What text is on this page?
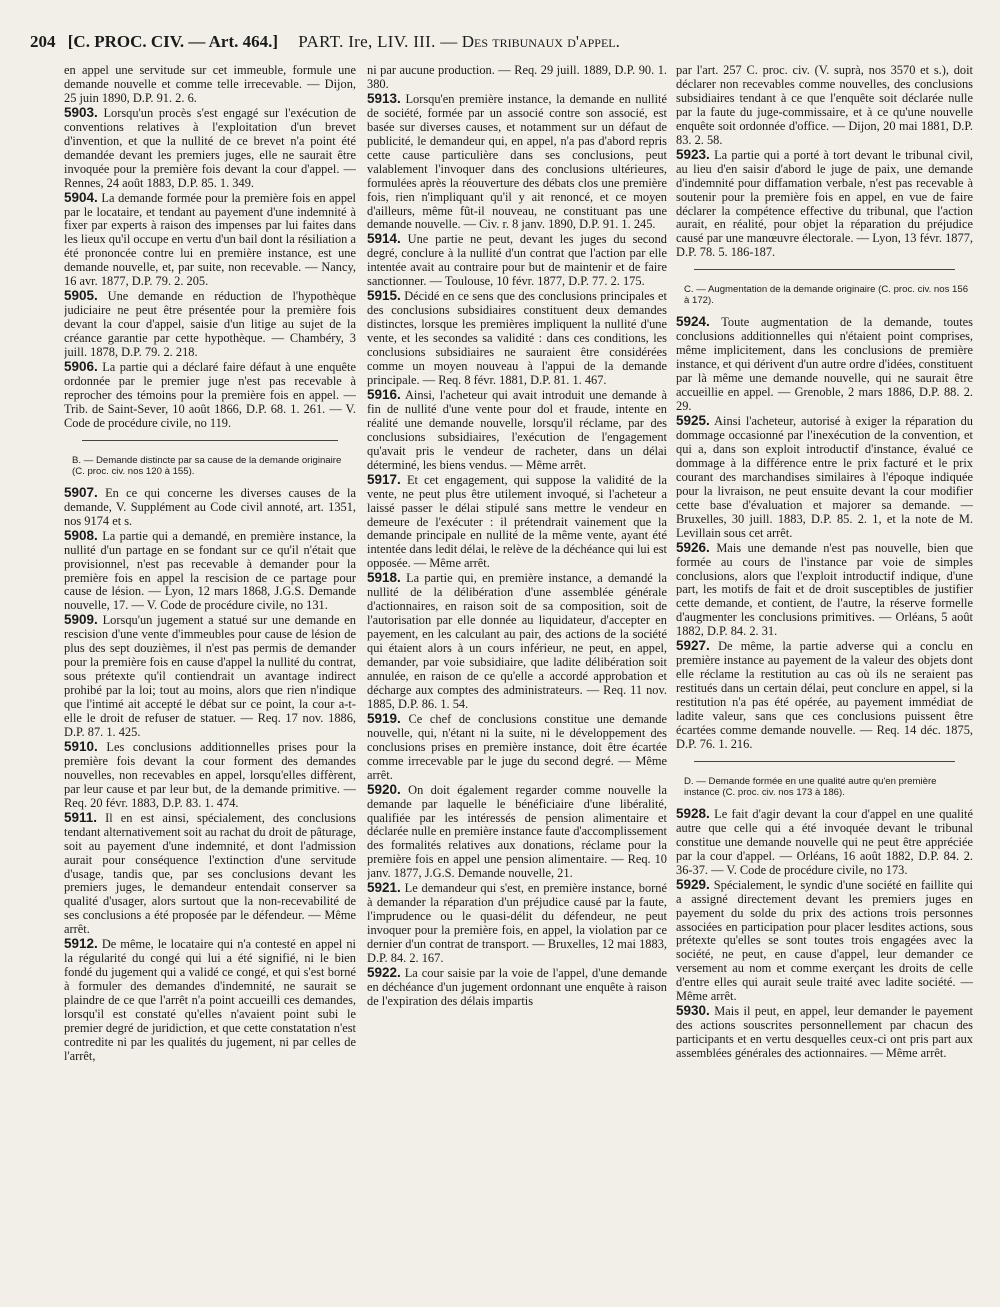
204 [C. PROC. CIV. — Art. 464.] PART. Ire, LIV. III. — Des tribunaux d'appel.

en appel une servitude sur cet immeuble, formule une demande nouvelle et comme telle irrecevable. — Dijon, 25 juin 1890, D.P. 91. 2. 6.

5903. Lorsqu'un procès s'est engagé sur l'exécution de conventions relatives à l'exploitation d'un brevet d'invention, et que la nullité de ce brevet n'a point été demandée devant les premiers juges, elle ne saurait être invoquée pour la première fois devant la cour d'appel. — Rennes, 24 août 1883, D.P. 85. 1. 349.

5904. La demande formée pour la première fois en appel par le locataire, et tendant au payement d'une indemnité à fixer par experts à raison des impenses par lui faites dans les lieux qu'il occupe en vertu d'un bail dont la résiliation a été prononcée contre lui en première instance, est une demande nouvelle, et, par suite, non recevable. — Nancy, 16 avr. 1877, D.P. 79. 2. 205.

5905. Une demande en réduction de l'hypothèque judiciaire ne peut être présentée pour la première fois devant la cour d'appel, saisie d'un litige au sujet de la créance garantie par cette hypothèque. — Chambéry, 3 juill. 1878, D.P. 79. 2. 218.

5906. La partie qui a déclaré faire défaut à une enquête ordonnée par le premier juge n'est pas recevable à reprocher des témoins pour la première fois en appel. — Trib. de Saint-Sever, 10 août 1866, D.P. 68. 1. 261. — V. Code de procédure civile, no 119.

B. — Demande distincte par sa cause de la demande originaire (C. proc. civ. nos 120 à 155).

5907. En ce qui concerne les diverses causes de la demande, V. Supplément au Code civil annoté, art. 1351, nos 9174 et s.

5908. La partie qui a demandé, en première instance, la nullité d'un partage en se fondant sur ce qu'il n'était que provisionnel, n'est pas recevable à demander pour la première fois en appel la rescision de ce partage pour cause de lésion. — Lyon, 12 mars 1868, J.G.S. Demande nouvelle, 17. — V. Code de procédure civile, no 131.

5909. Lorsqu'un jugement a statué sur une demande en rescision d'une vente d'immeubles pour cause de lésion de plus des sept douzièmes, il n'est pas permis de demander pour la première fois en cause d'appel la nullité du contrat, sous prétexte qu'il contiendrait un avantage indirect prohibé par la loi; tout au moins, alors que rien n'indique que l'intimé ait accepté le débat sur ce point, la cour a-t-elle le droit de refuser de statuer. — Req. 17 nov. 1886, D.P. 87. 1. 425.

5910. Les conclusions additionnelles prises pour la première fois devant la cour forment des demandes nouvelles, non recevables en appel, lorsqu'elles diffèrent, par leur cause et par leur but, de la demande primitive. — Req. 20 févr. 1883, D.P. 83. 1. 474.

5911. Il en est ainsi, spécialement, des conclusions tendant alternativement soit au rachat du droit de pâturage, soit au payement d'une indemnité, et dont l'admission aurait pour conséquence l'extinction d'une servitude d'usage, tandis que, par ses conclusions devant les premiers juges, le demandeur entendait conserver sa qualité d'usager, alors surtout que la non-recevabilité de ses conclusions a été proposée par le défendeur. — Même arrêt.

5912. De même, le locataire qui n'a contesté en appel ni la régularité du congé qui lui a été signifié, ni le bien fondé du jugement qui a validé ce congé, et qui s'est borné à formuler des demandes d'indemnité, ne saurait se plaindre de ce que l'arrêt n'a point accueilli ces demandes, lorsqu'il est constaté qu'elles n'avaient point subi le premier degré de juridiction, et que cette constatation n'est contredite ni par les qualités du jugement, ni par celles de l'arrêt,

ni par aucune production. — Req. 29 juill. 1889, D.P. 90. 1. 380.

5913. Lorsqu'en première instance, la demande en nullité de société, formée par un associé contre son associé, est basée sur diverses causes, et notamment sur un défaut de publicité, le demandeur qui, en appel, n'a pas d'abord repris cette cause particulière dans ses conclusions, peut valablement l'invoquer dans des conclusions ultérieures, formulées après la réouverture des débats clos une première fois, rien n'impliquant qu'il y ait renoncé, et ce moyen d'ailleurs, même fût-il nouveau, ne constituant pas une demande nouvelle. — Civ. r. 8 janv. 1890, D.P. 91. 1. 245.

5914. Une partie ne peut, devant les juges du second degré, conclure à la nullité d'un contrat que l'action par elle intentée avait au contraire pour but de maintenir et de faire sanctionner. — Toulouse, 10 févr. 1877, D.P. 77. 2. 175.

5915. Décidé en ce sens que des conclusions principales et des conclusions subsidiaires constituent deux demandes distinctes, lorsque les premières impliquent la nullité d'une vente, et les secondes sa validité : dans ces conditions, les conclusions subsidiaires ne sauraient être considérées comme un moyen nouveau à l'appui de la demande principale. — Req. 8 févr. 1881, D.P. 81. 1. 467.

5916. Ainsi, l'acheteur qui avait introduit une demande à fin de nullité d'une vente pour dol et fraude, intente en réalité une demande nouvelle, lorsqu'il réclame, par des conclusions subsidiaires, l'exécution de l'engagement qu'avait pris le vendeur de racheter, dans un délai déterminé, les biens vendus. — Même arrêt.

5917. Et cet engagement, qui suppose la validité de la vente, ne peut plus être utilement invoqué, si l'acheteur a laissé passer le délai stipulé sans mettre le vendeur en demeure de l'exécuter : il prétendrait vainement que la demande principale en nullité de la même vente, ayant été intentée dans ledit délai, le relève de la déchéance qui lui est opposée. — Même arrêt.

5918. La partie qui, en première instance, a demandé la nullité de la délibération d'une assemblée générale d'actionnaires, en raison soit de sa composition, soit de l'autorisation par elle donnée au liquidateur, d'accepter en payement, en les calculant au pair, des actions de la société qui étaient alors à un cours inférieur, ne peut, en appel, demander, par voie subsidiaire, que ladite délibération soit annulée, en raison de ce qu'elle a accordé approbation et décharge aux comptes des administrateurs. — Req. 11 nov. 1885, D.P. 86. 1. 54.

5919. Ce chef de conclusions constitue une demande nouvelle, qui, n'étant ni la suite, ni le développement des conclusions prises en première instance, doit être écartée comme irrecevable par le juge du second degré. — Même arrêt.

5920. On doit également regarder comme nouvelle la demande par laquelle le bénéficiaire d'une libéralité, qualifiée par les intéressés de pension alimentaire et déclarée nulle en première instance faute d'accomplissement des formalités relatives aux donations, réclame pour la première fois en appel une pension alimentaire. — Req. 10 janv. 1877, J.G.S. Demande nouvelle, 21.

5921. Le demandeur qui s'est, en première instance, borné à demander la réparation d'un préjudice causé par la faute, l'imprudence ou le quasi-délit du défendeur, ne peut invoquer pour la première fois, en appel, la violation par ce dernier d'un contrat de transport. — Bruxelles, 12 mai 1883, D.P. 84. 2. 167.

5922. La cour saisie par la voie de l'appel, d'une demande en déchéance d'un jugement ordonnant une enquête à raison de l'expiration des délais impartis

par l'art. 257 C. proc. civ. (V. suprà, nos 3570 et s.), doit déclarer non recevables comme nouvelles, des conclusions subsidiaires tendant à ce que l'enquête soit déclarée nulle par la faute du juge-commissaire, et à ce qu'une nouvelle enquête soit ordonnée d'office. — Dijon, 20 mai 1881, D.P. 83. 2. 58.

5923. La partie qui a porté à tort devant le tribunal civil, au lieu d'en saisir d'abord le juge de paix, une demande d'indemnité pour diffamation verbale, n'est pas recevable à soutenir pour la première fois en appel, en vue de faire déclarer la compétence effective du tribunal, que l'action aurait, en réalité, pour objet la réparation du préjudice causé par une manœuvre électorale. — Lyon, 13 févr. 1877, D.P. 78. 5. 186-187.

C. — Augmentation de la demande originaire (C. proc. civ. nos 156 à 172).

5924. Toute augmentation de la demande, toutes conclusions additionnelles qui n'étaient point comprises, même implicitement, dans les conclusions de première instance, et qui dérivent d'un autre ordre d'idées, constituent par là même une demande nouvelle, qui ne saurait être accueillie en appel. — Grenoble, 2 mars 1886, D.P. 88. 2. 29.

5925. Ainsi l'acheteur, autorisé à exiger la réparation du dommage occasionné par l'inexécution de la convention, et qui a, dans son exploit introductif d'instance, évalué ce dommage à la différence entre le prix facturé et le prix courant des marchandises similaires à l'époque indiquée pour la livraison, ne peut ensuite devant la cour modifier cette base d'évaluation et majorer sa demande. — Bruxelles, 30 juill. 1883, D.P. 85. 2. 1, et la note de M. Levillain sous cet arrêt.

5926. Mais une demande n'est pas nouvelle, bien que formée au cours de l'instance par voie de simples conclusions, alors que l'exploit introductif indique, d'une part, les motifs de fait et de droit susceptibles de justifier cette demande, et contient, de l'autre, la réserve formelle d'augmenter les conclusions primitives. — Orléans, 5 août 1882, D.P. 84. 2. 31.

5927. De même, la partie adverse qui a conclu en première instance au payement de la valeur des objets dont elle réclame la restitution au cas où ils ne seraient pas restitués dans un certain délai, peut conclure en appel, si la restitution n'a pas été opérée, au payement immédiat de ladite valeur, sans que ces conclusions puissent être écartées comme demande nouvelle. — Req. 14 déc. 1875, D.P. 76. 1. 216.

D. — Demande formée en une qualité autre qu'en première instance (C. proc. civ. nos 173 à 186).

5928. Le fait d'agir devant la cour d'appel en une qualité autre que celle qui a été invoquée devant le tribunal constitue une demande nouvelle qui ne peut être appréciée par la cour d'appel. — Orléans, 16 août 1882, D.P. 84. 2. 36-37. — V. Code de procédure civile, no 173.

5929. Spécialement, le syndic d'une société en faillite qui a assigné directement devant les premiers juges en payement du solde du prix des actions trois personnes associées en participation pour placer lesdites actions, sous prétexte qu'elles se sont toutes trois engagées avec la société, ne peut, en cause d'appel, leur demander ce versement au nom et comme exerçant les droits de celle d'entre elles qui aurait seule traité avec ladite société. — Même arrêt.

5930. Mais il peut, en appel, leur demander le payement des actions souscrites personnellement par chacun des participants et en vertu desquelles ceux-ci ont pris part aux assemblées générales des actionnaires. — Même arrêt.
